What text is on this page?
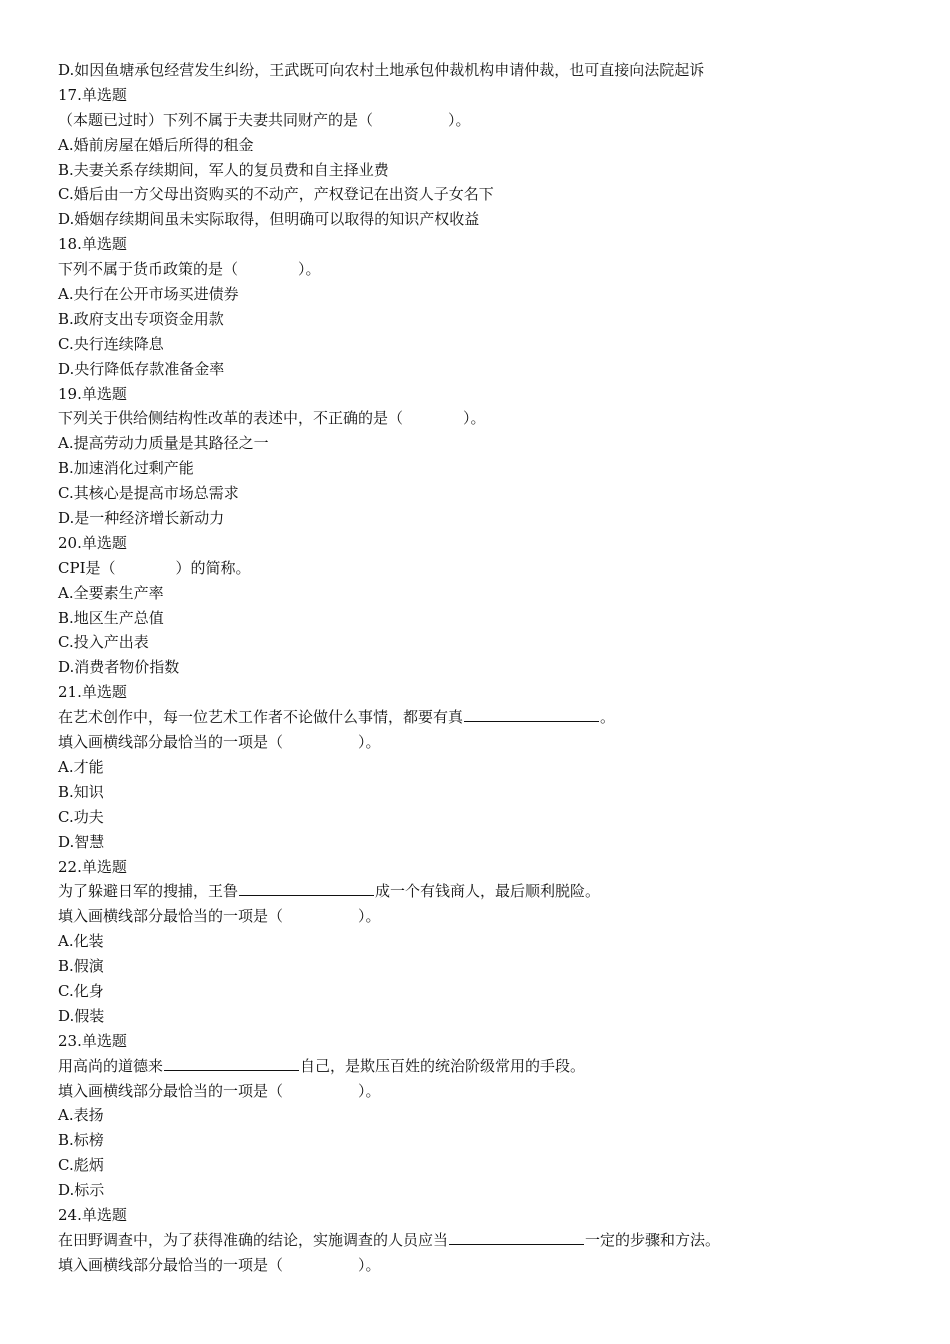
D.如因鱼塘承包经营发生纠纷，王武既可向农村土地承包仲裁机构申请仲裁，也可直接向法院起诉
17.单选题
（本题已过时）下列不属于夫妻共同财产的是（　　　　　）。
A.婚前房屋在婚后所得的租金
B.夫妻关系存续期间，军人的复员费和自主择业费
C.婚后由一方父母出资购买的不动产，产权登记在出资人子女名下
D.婚姻存续期间虽未实际取得，但明确可以取得的知识产权收益
18.单选题
下列不属于货币政策的是（　　　　）。
A.央行在公开市场买进债券
B.政府支出专项资金用款
C.央行连续降息
D.央行降低存款准备金率
19.单选题
下列关于供给侧结构性改革的表述中，不正确的是（　　　　）。
A.提高劳动力质量是其路径之一
B.加速消化过剩产能
C.其核心是提高市场总需求
D.是一种经济增长新动力
20.单选题
CPI是（　　　　）的简称。
A.全要素生产率
B.地区生产总值
C.投入产出表
D.消费者物价指数
21.单选题
在艺术创作中，每一位艺术工作者不论做什么事情，都要有真	。
填入画横线部分最恰当的一项是（　　　　　）。
A.才能
B.知识
C.功夫
D.智慧
22.单选题
为了躲避日军的搜捕，王鲁	成一个有钱商人，最后顺利脱险。
填入画横线部分最恰当的一项是（　　　　　）。
A.化装
B.假演
C.化身
D.假装
23.单选题
用高尚的道德来	自己，是欺压百姓的统治阶级常用的手段。
填入画横线部分最恰当的一项是（　　　　　）。
A.表扬
B.标榜
C.彪炳
D.标示
24.单选题
在田野调查中，为了获得准确的结论，实施调查的人员应当	一定的步骤和方法。
填入画横线部分最恰当的一项是（　　　　　）。
